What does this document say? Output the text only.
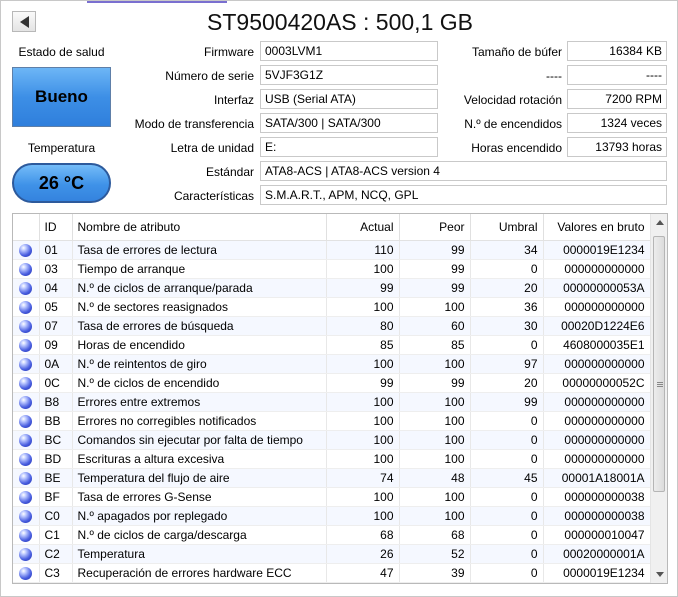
ST9500420AS : 500,1 GB
Estado de salud
Bueno
Temperatura
26 °C
Firmware 0003LVM1
Número de serie 5VJF3G1Z
Interfaz USB (Serial ATA)
Modo de transferencia SATA/300 | SATA/300
Letra de unidad E:
Tamaño de búfer	16384 KB
----	----
Velocidad rotación	7200 RPM
N.º de encendidos	1324 veces
Horas encendido	13793 horas
Estándar ATA8-ACS | ATA8-ACS version 4
Características S.M.A.R.T., APM, NCQ, GPL
	ID	Nombre de atributo	Actual	Peor	Umbral	Valores en bruto
	01	Tasa de errores de lectura	110	99	34	0000019E1234
	03	Tiempo de arranque	100	99	0	000000000000
	04	N.º de ciclos de arranque/parada	99	99	20	00000000053A
	05	N.º de sectores reasignados	100	100	36	000000000000
	07	Tasa de errores de búsqueda	80	60	30	00020D1224E6
	09	Horas de encendido	85	85	0	4608000035E1
	0A	N.º de reintentos de giro	100	100	97	000000000000
	0C	N.º de ciclos de encendido	99	99	20	00000000052C
	B8	Errores entre extremos	100	100	99	000000000000
	BB	Errores no corregibles notificados	100	100	0	000000000000
	BC	Comandos sin ejecutar por falta de tiempo	100	100	0	000000000000
	BD	Escrituras a altura excesiva	100	100	0	000000000000
	BE	Temperatura del flujo de aire	74	48	45	00001A18001A
	BF	Tasa de errores G-Sense	100	100	0	000000000038
	C0	N.º apagados por replegado	100	100	0	000000000038
	C1	N.º de ciclos de carga/descarga	68	68	0	000000010047
	C2	Temperatura	26	52	0	00020000001A
	C3	Recuperación de errores hardware ECC	47	39	0	0000019E1234
